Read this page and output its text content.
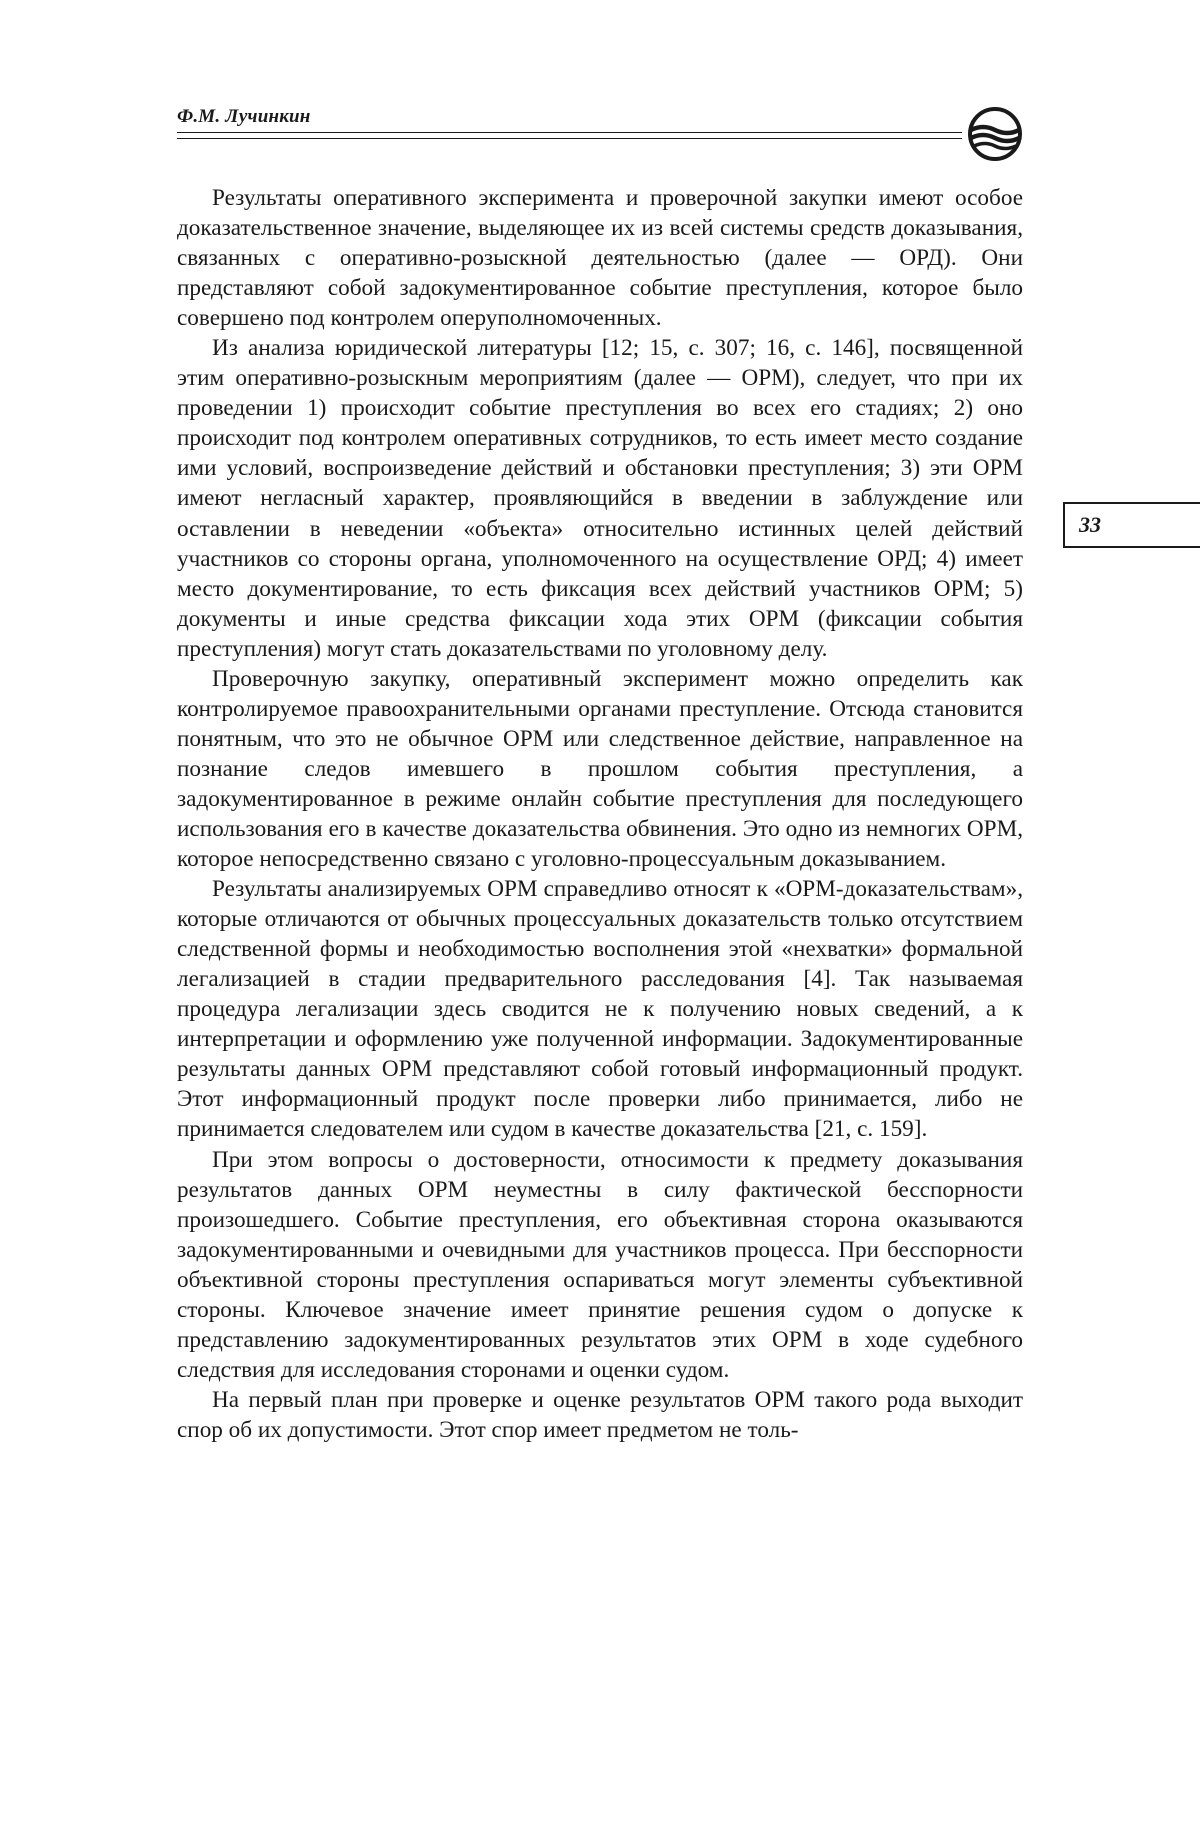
Ф.М. Лучинкин
33

Результаты оперативного эксперимента и проверочной закупки имеют особое доказательственное значение, выделяющее их из всей системы средств доказывания, связанных с оперативно-розыскной деятельностью (далее — ОРД). Они представляют собой задокументированное событие преступления, которое было совершено под контролем оперуполномоченных.

Из анализа юридической литературы [12; 15, с. 307; 16, с. 146], посвященной этим оперативно-розыскным мероприятиям (далее — ОРМ), следует, что при их проведении 1) происходит событие преступления во всех его стадиях; 2) оно происходит под контролем оперативных сотрудников, то есть имеет место создание ими условий, воспроизведение действий и обстановки преступления; 3) эти ОРМ имеют негласный характер, проявляющийся в введении в заблуждение или оставлении в неведении «объекта» относительно истинных целей действий участников со стороны органа, уполномоченного на осуществление ОРД; 4) имеет место документирование, то есть фиксация всех действий участников ОРМ; 5) документы и иные средства фиксации хода этих ОРМ (фиксации события преступления) могут стать доказательствами по уголовному делу.

Проверочную закупку, оперативный эксперимент можно определить как контролируемое правоохранительными органами преступление. Отсюда становится понятным, что это не обычное ОРМ или следственное действие, направленное на познание следов имевшего в прошлом события преступления, а задокументированное в режиме онлайн событие преступления для последующего использования его в качестве доказательства обвинения. Это одно из немногих ОРМ, которое непосредственно связано с уголовно-процессуальным доказыванием.

Результаты анализируемых ОРМ справедливо относят к «ОРМ-доказательствам», которые отличаются от обычных процессуальных доказательств только отсутствием следственной формы и необходимостью восполнения этой «нехватки» формальной легализацией в стадии предварительного расследования [4]. Так называемая процедура легализации здесь сводится не к получению новых сведений, а к интерпретации и оформлению уже полученной информации. Задокументированные результаты данных ОРМ представляют собой готовый информационный продукт. Этот информационный продукт после проверки либо принимается, либо не принимается следователем или судом в качестве доказательства [21, с. 159].

При этом вопросы о достоверности, относимости к предмету доказывания результатов данных ОРМ неуместны в силу фактической бесспорности произошедшего. Событие преступления, его объективная сторона оказываются задокументированными и очевидными для участников процесса. При бесспорности объективной стороны преступления оспариваться могут элементы субъективной стороны. Ключевое значение имеет принятие решения судом о допуске к представлению задокументированных результатов этих ОРМ в ходе судебного следствия для исследования сторонами и оценки судом.

На первый план при проверке и оценке результатов ОРМ такого рода выходит спор об их допустимости. Этот спор имеет предметом не толь-
